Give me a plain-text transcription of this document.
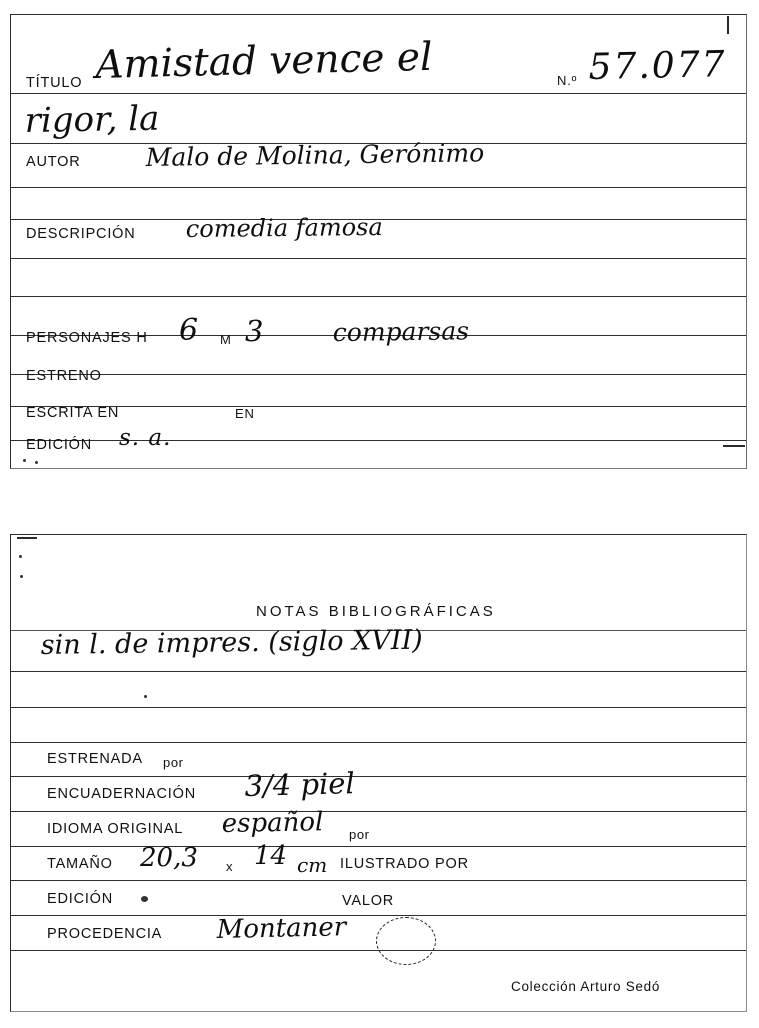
TÍTULO Amistad vence el
rigor, la
N.º 57.077
AUTOR	Malo de Molina, Gerónimo
DESCRIPCIÓN comedia famosa
PERSONAJES H 6 M 3	comparsas
ESTRENO
ESCRITA EN	EN
EDICIÓN s. a.
NOTAS BIBLIOGRÁFICAS
sin l. de impres. (siglo XVII)
ESTRENADA por
ENCUADERNACIÓN 3/4 piel
IDIOMA ORIGINAL español por
TAMAÑO 20,3 x 14 cm ILUSTRADO POR
EDICIÓN	VALOR
PROCEDENCIA Montaner
Colección Arturo Sedó
